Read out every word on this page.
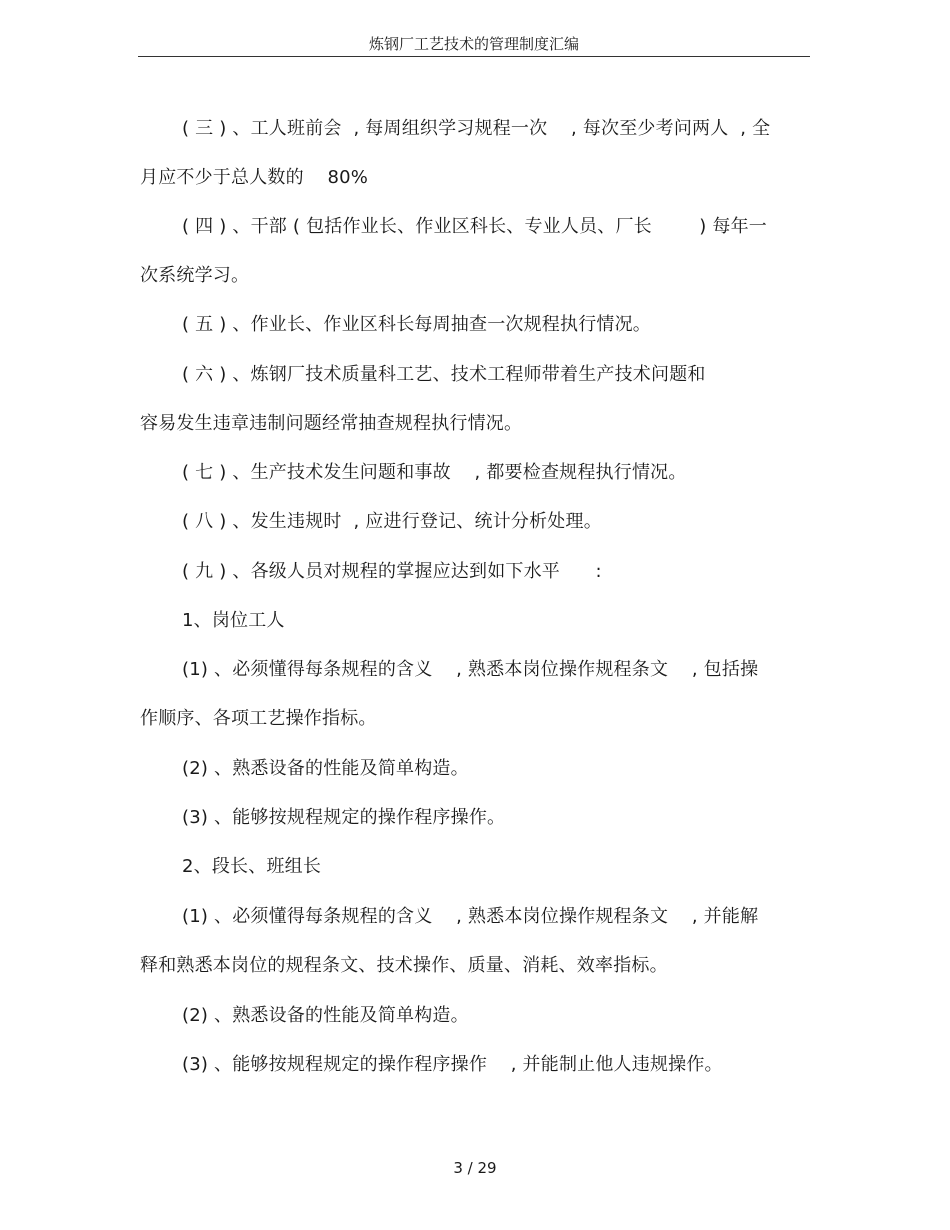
炼钢厂工艺技术的管理制度汇编
( 三 ) 、工人班前会  , 每周组织学习规程一次    , 每次至少考问两人  , 全
月应不少于总人数的    80%
( 四 ) 、干部 ( 包括作业长、作业区科长、专业人员、厂长        ) 每年一
次系统学习。
( 五 ) 、作业长、作业区科长每周抽查一次规程执行情况。
( 六 ) 、炼钢厂技术质量科工艺、技术工程师带着生产技术问题和
容易发生违章违制问题经常抽查规程执行情况。
( 七 ) 、生产技术发生问题和事故    , 都要检查规程执行情况。
( 八 ) 、发生违规时  , 应进行登记、统计分析处理。
( 九 ) 、各级人员对规程的掌握应达到如下水平      :
1、岗位工人
(1) 、必须懂得每条规程的含义    , 熟悉本岗位操作规程条文    , 包括操
作顺序、各项工艺操作指标。
(2) 、熟悉设备的性能及简单构造。
(3) 、能够按规程规定的操作程序操作。
2、段长、班组长
(1) 、必须懂得每条规程的含义    , 熟悉本岗位操作规程条文    , 并能解
释和熟悉本岗位的规程条文、技术操作、质量、消耗、效率指标。
(2) 、熟悉设备的性能及简单构造。
(3) 、能够按规程规定的操作程序操作    , 并能制止他人违规操作。
3 / 29
